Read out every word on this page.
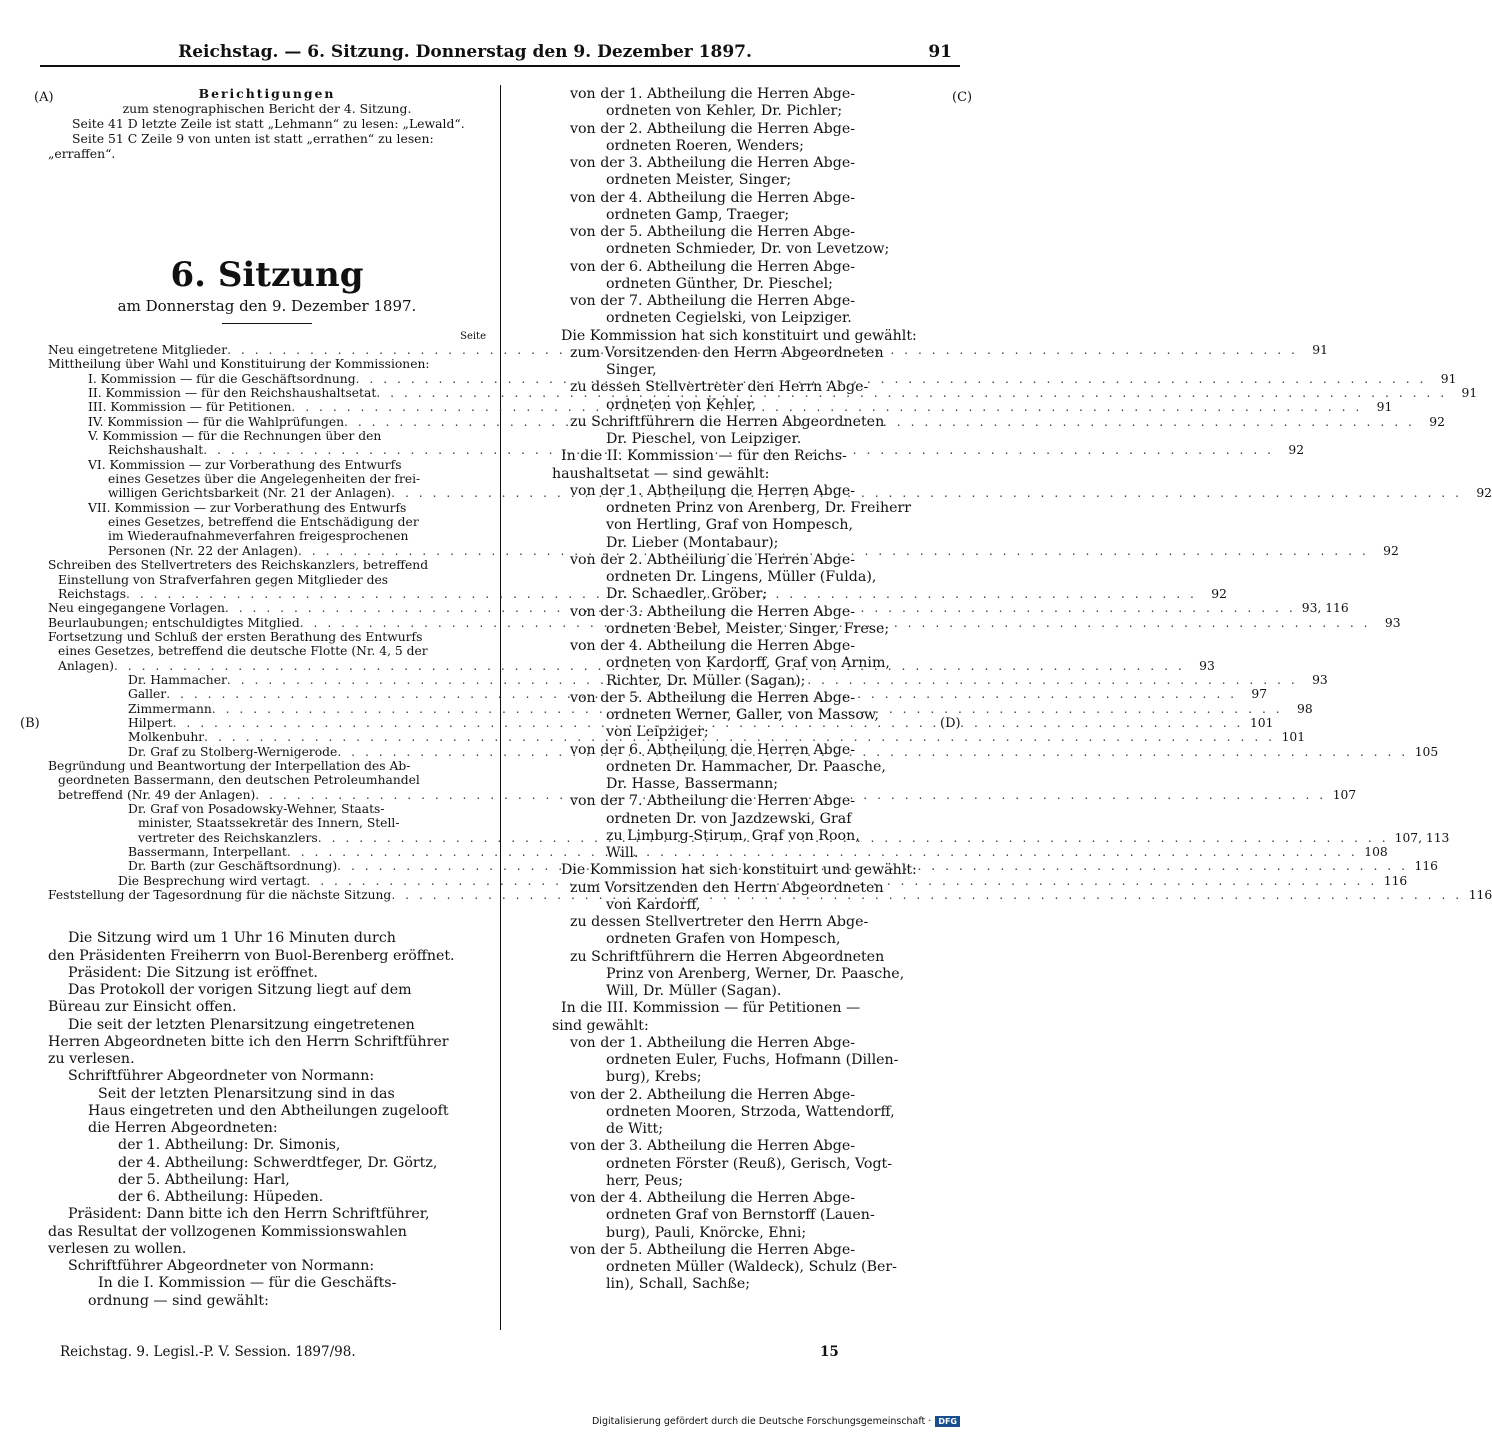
Reichstag. — 6. Sitzung. Donnerstag den 9. Dezember 1897.	91
(A)
(B)
(C)
(D)
Berichtigungen
zum stenographischen Bericht der 4. Sitzung.
Seite 41 D letzte Zeile ist statt „Lehmann“ zu lesen: „Lewald“.
Seite 51 C Zeile 9 von unten ist statt „errathen“ zu lesen:
„erraffen“.
6. Sitzung
am Donnerstag den 9. Dezember 1897.
Seite
Neu eingetretene Mitglieder . . .	91
Mittheilung über Wahl und Konstituirung der Kommissionen:
I. Kommission — für die Geschäftsordnung . . .	91
II. Kommission — für den Reichshaushaltsetat . . .	91
III. Kommission — für Petitionen . . .	91
IV. Kommission — für die Wahlprüfungen . . .	92
V. Kommission — für die Rechnungen über den
Reichshaushalt . . .	92
VI. Kommission — zur Vorberathung des Entwurfs
eines Gesetzes über die Angelegenheiten der frei-
willigen Gerichtsbarkeit (Nr. 21 der Anlagen) . . .	92
VII. Kommission — zur Vorberathung des Entwurfs
eines Gesetzes, betreffend die Entschädigung der
im Wiederaufnahmeverfahren freigesprochenen
Personen (Nr. 22 der Anlagen) . . .	92
Schreiben des Stellvertreters des Reichskanzlers, betreffend
Einstellung von Strafverfahren gegen Mitglieder des
Reichstags . . .	92
Neu eingegangene Vorlagen . . .	93, 116
Beurlaubungen; entschuldigtes Mitglied . . .	93
Fortsetzung und Schluß der ersten Berathung des Entwurfs
eines Gesetzes, betreffend die deutsche Flotte (Nr. 4, 5 der
Anlagen) . . .	93
Dr. Hammacher . . .	93
Galler . . .	97
Zimmermann . . .	98
Hilpert . . .	101
Molkenbuhr . . .	101
Dr. Graf zu Stolberg-Wernigerode . . .	105
Begründung und Beantwortung der Interpellation des Ab-
geordneten Bassermann, den deutschen Petroleumhandel
betreffend (Nr. 49 der Anlagen) . . .	107
Dr. Graf von Posadowsky-Wehner, Staats-
minister, Staatssekretär des Innern, Stell-
vertreter des Reichskanzlers . . .	107, 113
Bassermann, Interpellant . . .	108
Dr. Barth (zur Geschäftsordnung) . . .	116
Die Besprechung wird vertagt . . .	116
Feststellung der Tagesordnung für die nächste Sitzung . . .	116
Die Sitzung wird um 1 Uhr 16 Minuten durch
den Präsidenten Freiherrn von Buol-Berenberg eröffnet.
Präsident: Die Sitzung ist eröffnet.
Das Protokoll der vorigen Sitzung liegt auf dem
Büreau zur Einsicht offen.
Die seit der letzten Plenarsitzung eingetretenen
Herren Abgeordneten bitte ich den Herrn Schriftführer
zu verlesen.
Schriftführer Abgeordneter von Normann:
Seit der letzten Plenarsitzung sind in das
Haus eingetreten und den Abtheilungen zugelooft
die Herren Abgeordneten:
der 1. Abtheilung: Dr. Simonis,
der 4. Abtheilung: Schwerdtfeger, Dr. Görtz,
der 5. Abtheilung: Harl,
der 6. Abtheilung: Hüpeden.
Präsident: Dann bitte ich den Herrn Schriftführer,
das Resultat der vollzogenen Kommissionswahlen
verlesen zu wollen.
Schriftführer Abgeordneter von Normann:
In die I. Kommission — für die Geschäfts-
ordnung — sind gewählt:
von der 1. Abtheilung die Herren Abge-
ordneten von Kehler, Dr. Pichler;
von der 2. Abtheilung die Herren Abge-
ordneten Roeren, Wenders;
von der 3. Abtheilung die Herren Abge-
ordneten Meister, Singer;
von der 4. Abtheilung die Herren Abge-
ordneten Gamp, Traeger;
von der 5. Abtheilung die Herren Abge-
ordneten Schmieder, Dr. von Levetzow;
von der 6. Abtheilung die Herren Abge-
ordneten Günther, Dr. Pieschel;
von der 7. Abtheilung die Herren Abge-
ordneten Cegielski, von Leipziger.
Die Kommission hat sich konstituirt und gewählt:
zum Vorsitzenden den Herrn Abgeordneten
Singer,
zu dessen Stellvertreter den Herrn Abge-
ordneten von Kehler,
zu Schriftführern die Herren Abgeordneten
Dr. Pieschel, von Leipziger.
In die II. Kommission — für den Reichs-
haushaltsetat — sind gewählt:
von der 1. Abtheilung die Herren Abge-
ordneten Prinz von Arenberg, Dr. Freiherr
von Hertling, Graf von Hompesch,
Dr. Lieber (Montabaur);
von der 2. Abtheilung die Herren Abge-
ordneten Dr. Lingens, Müller (Fulda),
Dr. Schaedler, Gröber;
von der 3. Abtheilung die Herren Abge-
ordneten Bebel, Meister, Singer, Frese;
von der 4. Abtheilung die Herren Abge-
ordneten von Kardorff, Graf von Arnim,
Richter, Dr. Müller (Sagan);
von der 5. Abtheilung die Herren Abge-
ordneten Werner, Galler, von Massow,
von Leipziger;
von der 6. Abtheilung die Herren Abge-
ordneten Dr. Hammacher, Dr. Paasche,
Dr. Hasse, Bassermann;
von der 7. Abtheilung die Herren Abge-
ordneten Dr. von Jazdzewski, Graf
zu Limburg-Stirum, Graf von Roon,
Will.
Die Kommission hat sich konstituirt und gewählt:
zum Vorsitzenden den Herrn Abgeordneten
von Kardorff,
zu dessen Stellvertreter den Herrn Abge-
ordneten Grafen von Hompesch,
zu Schriftführern die Herren Abgeordneten
Prinz von Arenberg, Werner, Dr. Paasche,
Will, Dr. Müller (Sagan).
In die III. Kommission — für Petitionen —
sind gewählt:
von der 1. Abtheilung die Herren Abge-
ordneten Euler, Fuchs, Hofmann (Dillen-
burg), Krebs;
von der 2. Abtheilung die Herren Abge-
ordneten Mooren, Strzoda, Wattendorff,
de Witt;
von der 3. Abtheilung die Herren Abge-
ordneten Förster (Reuß), Gerisch, Vogt-
herr, Peus;
von der 4. Abtheilung die Herren Abge-
ordneten Graf von Bernstorff (Lauen-
burg), Pauli, Knörcke, Ehni;
von der 5. Abtheilung die Herren Abge-
ordneten Müller (Waldeck), Schulz (Ber-
lin), Schall, Sachße;
Reichstag. 9. Legisl.-P. V. Session. 1897/98.	15
Digitalisierung gefördert durch die Deutsche Forschungsgemeinschaft · DFG
